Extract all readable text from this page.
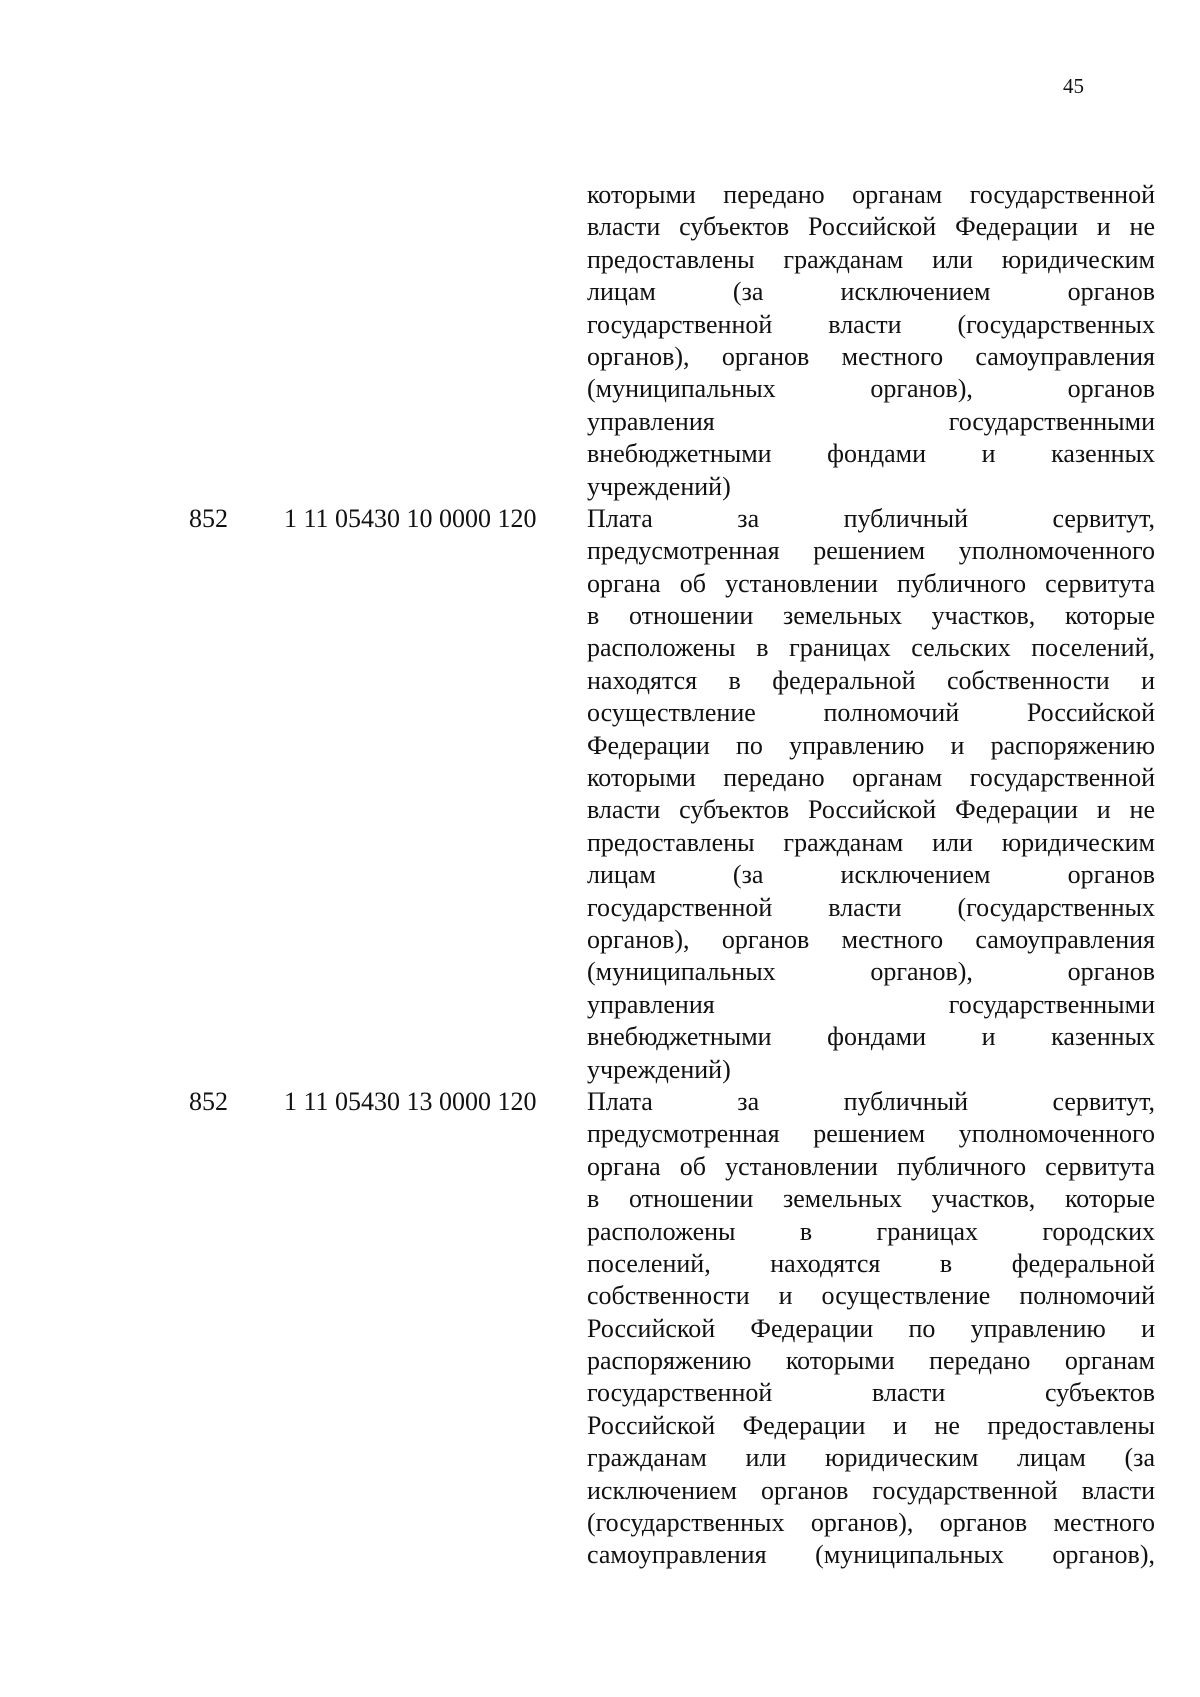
45
которыми передано органам государственной
власти субъектов Российской Федерации и не
предоставлены гражданам или юридическим
лицам (за исключением органов
государственной власти (государственных
органов), органов местного самоуправления
(муниципальных органов), органов
управления государственными
внебюджетными фондами и казенных
учреждений)
852 1 11 05430 10 0000 120 Плата за публичный сервитут,
предусмотренная решением уполномоченного
органа об установлении публичного сервитута
в отношении земельных участков, которые
расположены в границах сельских поселений,
находятся в федеральной собственности и
осуществление полномочий Российской
Федерации по управлению и распоряжению
которыми передано органам государственной
власти субъектов Российской Федерации и не
предоставлены гражданам или юридическим
лицам (за исключением органов
государственной власти (государственных
органов), органов местного самоуправления
(муниципальных органов), органов
управления государственными
внебюджетными фондами и казенных
учреждений)
852 1 11 05430 13 0000 120 Плата за публичный сервитут,
предусмотренная решением уполномоченного
органа об установлении публичного сервитута
в отношении земельных участков, которые
расположены в границах городских
поселений, находятся в федеральной
собственности и осуществление полномочий
Российской Федерации по управлению и
распоряжению которыми передано органам
государственной власти субъектов
Российской Федерации и не предоставлены
гражданам или юридическим лицам (за
исключением органов государственной власти
(государственных органов), органов местного
самоуправления (муниципальных органов),
